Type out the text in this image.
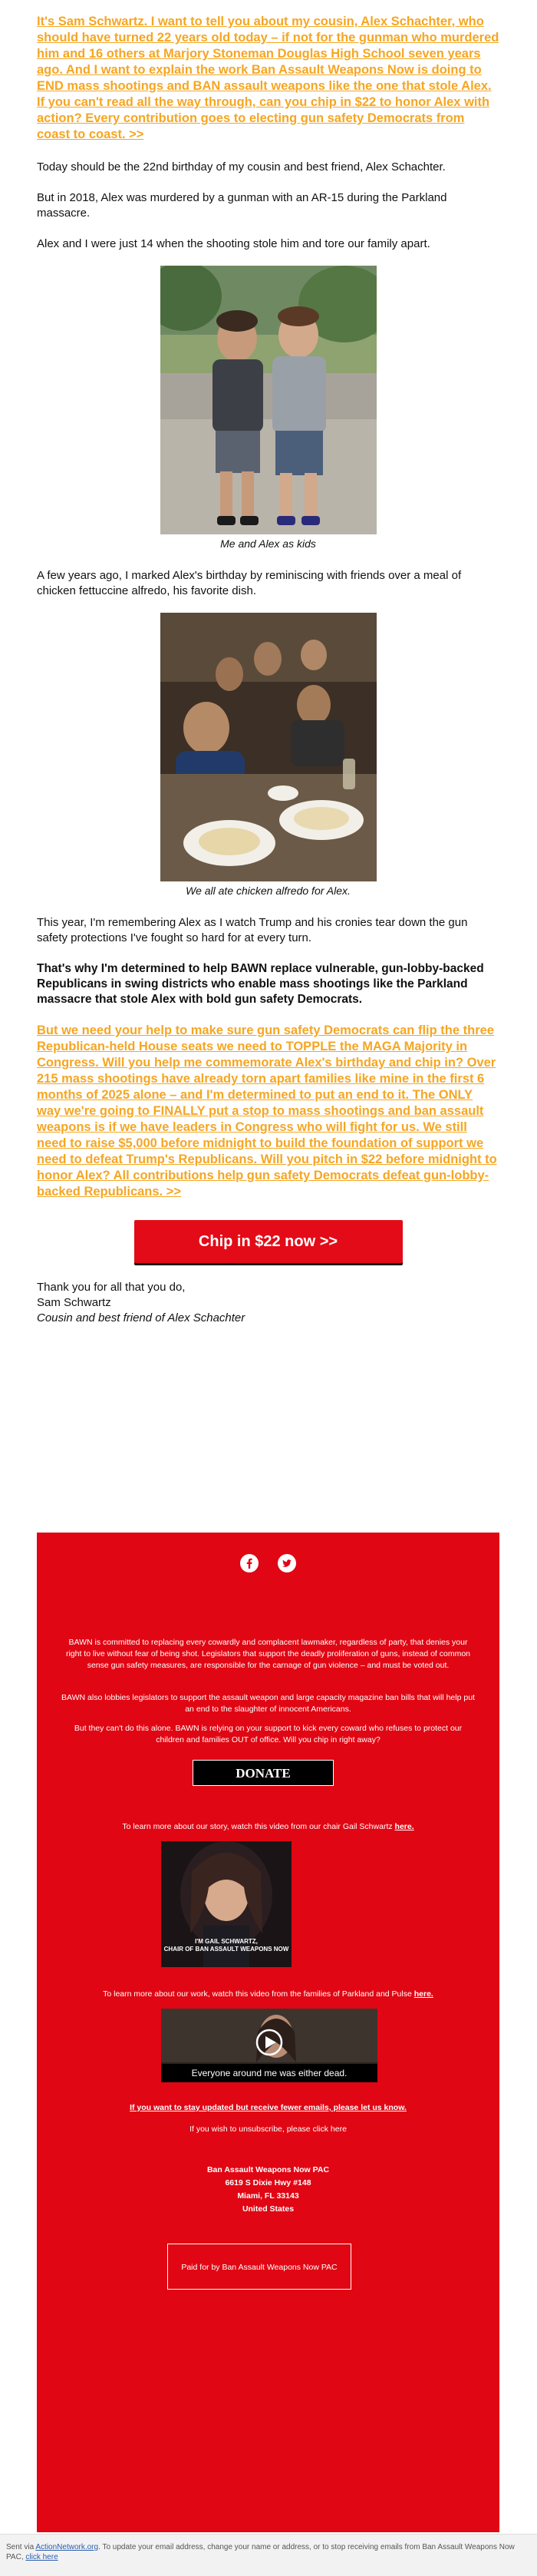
It's Sam Schwartz. I want to tell you about my cousin, Alex Schachter, who should have turned 22 years old today – if not for the gunman who murdered him and 16 others at Marjory Stoneman Douglas High School seven years ago. And I want to explain the work Ban Assault Weapons Now is doing to END mass shootings and BAN assault weapons like the one that stole Alex. If you can't read all the way through, can you chip in $22 to honor Alex with action? Every contribution goes to electing gun safety Democrats from coast to coast. >>

Today should be the 22nd birthday of my cousin and best friend, Alex Schachter.

But in 2018, Alex was murdered by a gunman with an AR-15 during the Parkland massacre.

Alex and I were just 14 when the shooting stole him and tore our family apart.

Me and Alex as kids

A few years ago, I marked Alex's birthday by reminiscing with friends over a meal of chicken fettuccine alfredo, his favorite dish.

We all ate chicken alfredo for Alex.

This year, I'm remembering Alex as I watch Trump and his cronies tear down the gun safety protections I've fought so hard for at every turn.

That's why I'm determined to help BAWN replace vulnerable, gun-lobby-backed Republicans in swing districts who enable mass shootings like the Parkland massacre that stole Alex with bold gun safety Democrats.

But we need your help to make sure gun safety Democrats can flip the three Republican-held House seats we need to TOPPLE the MAGA Majority in Congress. Will you help me commemorate Alex's birthday and chip in? Over 215 mass shootings have already torn apart families like mine in the first 6 months of 2025 alone – and I'm determined to put an end to it. The ONLY way we're going to FINALLY put a stop to mass shootings and ban assault weapons is if we have leaders in Congress who will fight for us. We still need to raise $5,000 before midnight to build the foundation of support we need to defeat Trump's Republicans. Will you pitch in $22 before midnight to honor Alex? All contributions help gun safety Democrats defeat gun-lobby-backed Republicans. >>

Chip in $22 now >>
Thank you for all that you do,
Sam Schwartz
Cousin and best friend of Alex Schachter

BAWN is committed to replacing every cowardly and complacent lawmaker, regardless of party, that denies your right to live without fear of being shot. Legislators that support the deadly proliferation of guns, instead of common sense gun safety measures, are responsible for the carnage of gun violence – and must be voted out.
BAWN also lobbies legislators to support the assault weapon and large capacity magazine ban bills that will help put an end to the slaughter of innocent Americans.
But they can't do this alone. BAWN is relying on your support to kick every coward who refuses to protect our children and families OUT of office. Will you chip in right away?
DONATE
To learn more about our story, watch this video from our chair Gail Schwartz here.
I'M GAIL SCHWARTZ,
CHAIR OF BAN ASSAULT WEAPONS NOW
To learn more about our work, watch this video from the families of Parkland and Pulse here.
Everyone around me was either dead.
If you want to stay updated but receive fewer emails, please let us know.
If you wish to unsubscribe, please click here
Ban Assault Weapons Now PAC
6619 S Dixie Hwy #148
Miami, FL 33143
United States
Paid for by Ban Assault Weapons Now PAC
Sent via ActionNetwork.org. To update your email address, change your name or address, or to stop receiving emails from Ban Assault Weapons Now PAC, click here
